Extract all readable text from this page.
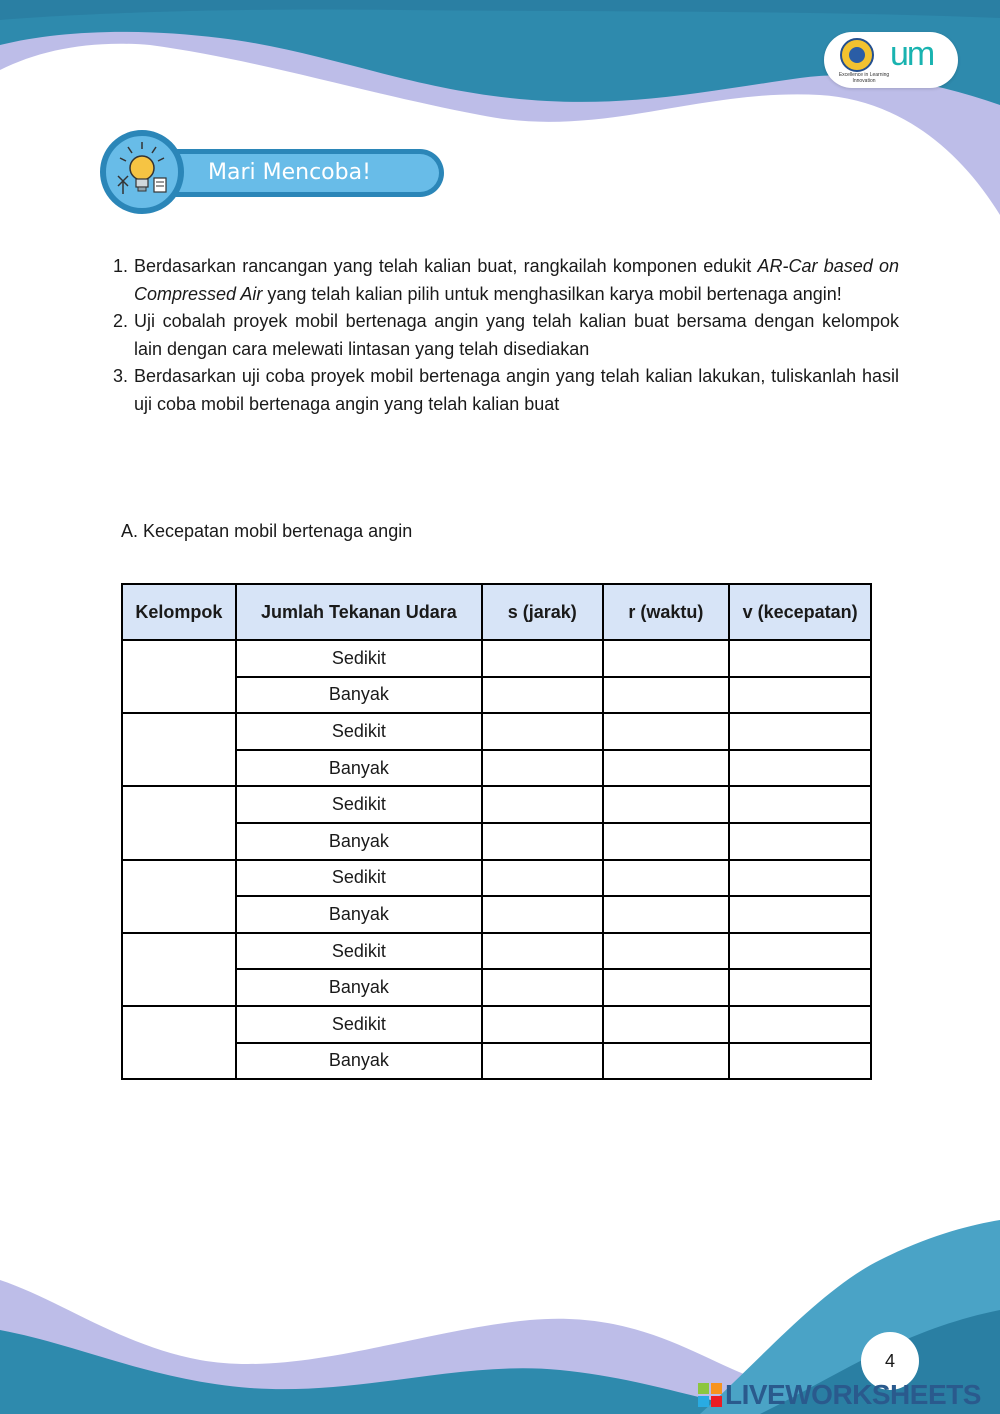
Excellence in Learning Innovation
um
Mari Mencoba!
1. Berdasarkan rancangan yang telah kalian buat, rangkailah komponen edukit AR-Car based on Compressed Air yang telah kalian pilih untuk menghasilkan karya mobil bertenaga angin!
2. Uji cobalah proyek mobil bertenaga angin yang telah kalian buat bersama dengan kelompok lain dengan cara melewati lintasan yang telah disediakan
3. Berdasarkan uji coba proyek mobil bertenaga angin yang telah kalian lakukan, tuliskanlah hasil uji coba mobil bertenaga angin yang telah kalian buat
A. Kecepatan mobil bertenaga angin
Kelompok	Jumlah Tekanan Udara	s (jarak)	r (waktu)	v (kecepatan)
	Sedikit			
	Banyak			
	Sedikit			
	Banyak			
	Sedikit			
	Banyak			
	Sedikit			
	Banyak			
	Sedikit			
	Banyak			
	Sedikit			
	Banyak			
4
LIVEWORKSHEETS
